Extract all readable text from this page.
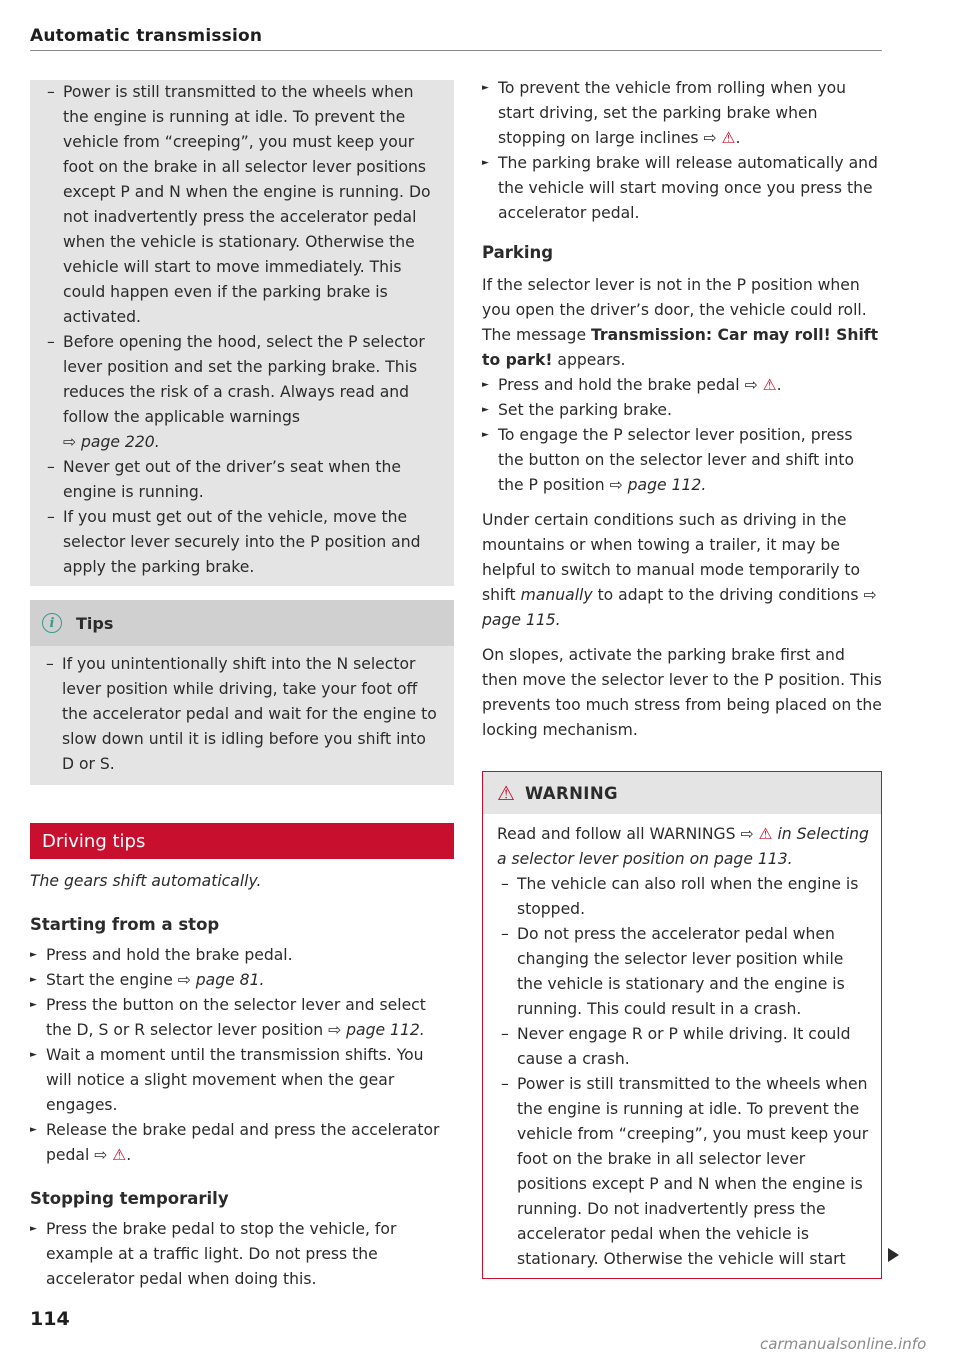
Automatic transmission
– Power is still transmitted to the wheels when the engine is running at idle. To prevent the vehicle from “creeping”, you must keep your foot on the brake in all selector lever positions except P and N when the engine is running. Do not inadvertently press the accelerator pedal when the vehicle is stationary. Otherwise the vehicle will start to move immediately. This could happen even if the parking brake is activated.
– Before opening the hood, select the P selector lever position and set the parking brake. This reduces the risk of a crash. Always read and follow the applicable warnings
⇨ page 220.
– Never get out of the driver’s seat when the engine is running.
– If you must get out of the vehicle, move the selector lever securely into the P position and apply the parking brake.
i	Tips
– If you unintentionally shift into the N selector lever position while driving, take your foot off the accelerator pedal and wait for the engine to slow down until it is idling before you shift into D or S.
Driving tips

The gears shift automatically.

Starting from a stop
► Press and hold the brake pedal.
► Start the engine ⇨ page 81.
► Press the button on the selector lever and select the D, S or R selector lever position ⇨ page 112.
► Wait a moment until the transmission shifts. You will notice a slight movement when the gear engages.
► Release the brake pedal and press the accelerator pedal ⇨ ⚠.
Stopping temporarily
► Press the brake pedal to stop the vehicle, for example at a traffic light. Do not press the accelerator pedal when doing this.
► To prevent the vehicle from rolling when you start driving, set the parking brake when stopping on large inclines ⇨ ⚠.
► The parking brake will release automatically and the vehicle will start moving once you press the accelerator pedal.
Parking

If the selector lever is not in the P position when you open the driver’s door, the vehicle could roll. The message Transmission: Car may roll! Shift to park! appears.

► Press and hold the brake pedal ⇨ ⚠.
► Set the parking brake.
► To engage the P selector lever position, press the button on the selector lever and shift into the P position ⇨ page 112.

Under certain conditions such as driving in the mountains or when towing a trailer, it may be helpful to switch to manual mode temporarily to shift manually to adapt to the driving conditions ⇨ page 115.

On slopes, activate the parking brake first and then move the selector lever to the P position. This prevents too much stress from being placed on the locking mechanism.

⚠ WARNING

Read and follow all WARNINGS ⇨ ⚠ in Selecting a selector lever position on page 113.

– The vehicle can also roll when the engine is stopped.
– Do not press the accelerator pedal when changing the selector lever position while the vehicle is stationary and the engine is running. This could result in a crash.
– Never engage R or P while driving. It could cause a crash.
– Power is still transmitted to the wheels when the engine is running at idle. To prevent the vehicle from “creeping”, you must keep your foot on the brake in all selector lever positions except P and N when the engine is running. Do not inadvertently press the accelerator pedal when the vehicle is stationary. Otherwise the vehicle will start
114
carmanualsonline.info
